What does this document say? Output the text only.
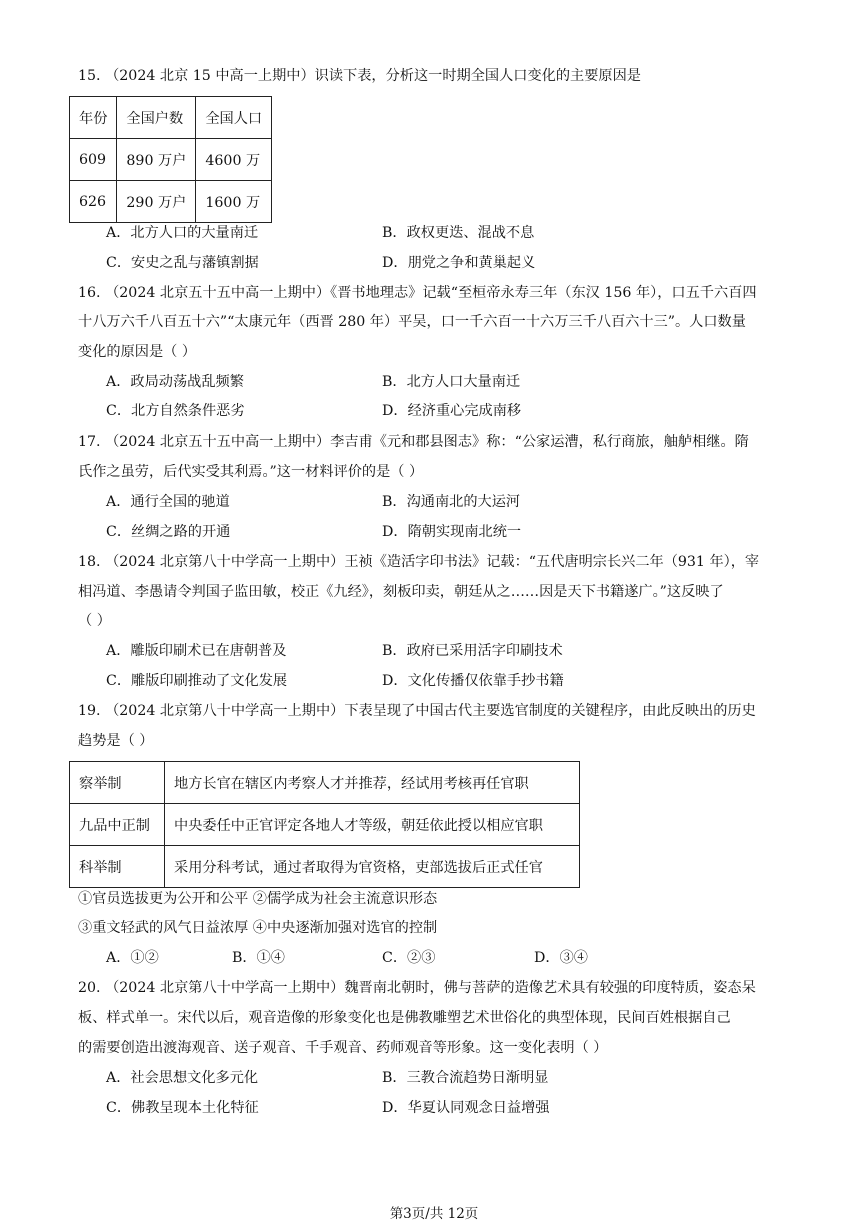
15. （2024 北京 15 中高一上期中）识读下表，分析这一时期全国人口变化的主要原因是
年份	全国户数	全国人口
609	890 万户	4600 万
626	290 万户	1600 万
A．北方人口的大量南迁	B．政权更迭、混战不息
C．安史之乱与藩镇割据	D．朋党之争和黄巢起义
16. （2024 北京五十五中高一上期中）《晋书地理志》记载“至桓帝永寿三年（东汉 156 年），口五千六百四
十八万六千八百五十六”“太康元年（西晋 280 年）平吴，口一千六百一十六万三千八百六十三”。人口数量
变化的原因是（ ）
A．政局动荡战乱频繁	B．北方人口大量南迁
C．北方自然条件恶劣	D．经济重心完成南移
17. （2024 北京五十五中高一上期中）李吉甫《元和郡县图志》称：“公家运漕，私行商旅，舳舻相继。隋
氏作之虽劳，后代实受其利焉。”这一材料评价的是（ ）
A．通行全国的驰道	B．沟通南北的大运河
C．丝绸之路的开通	D．隋朝实现南北统一
18. （2024 北京第八十中学高一上期中）王祯《造活字印书法》记载：“五代唐明宗长兴二年（931 年），宰
相冯道、李愚请令判国子监田敏，校正《九经》，刻板印卖，朝廷从之……因是天下书籍遂广。”这反映了
（ ）
A．雕版印刷术已在唐朝普及	B．政府已采用活字印刷技术
C．雕版印刷推动了文化发展	D．文化传播仅依靠手抄书籍
19. （2024 北京第八十中学高一上期中）下表呈现了中国古代主要选官制度的关键程序，由此反映出的历史
趋势是（ ）
察举制	地方长官在辖区内考察人才并推荐，经试用考核再任官职
九品中正制	中央委任中正官评定各地人才等级，朝廷依此授以相应官职
科举制	采用分科考试，通过者取得为官资格，吏部选拔后正式任官
①官员选拔更为公开和公平 ②儒学成为社会主流意识形态
③重文轻武的风气日益浓厚 ④中央逐渐加强对选官的控制
A．①②	B．①④	C．②③	D．③④
20. （2024 北京第八十中学高一上期中）魏晋南北朝时，佛与菩萨的造像艺术具有较强的印度特质，姿态呆
板、样式单一。宋代以后，观音造像的形象变化也是佛教雕塑艺术世俗化的典型体现，民间百姓根据自己
的需要创造出渡海观音、送子观音、千手观音、药师观音等形象。这一变化表明（ ）
A．社会思想文化多元化	B．三教合流趋势日渐明显
C．佛教呈现本土化特征	D．华夏认同观念日益增强
第3页/共 12页
